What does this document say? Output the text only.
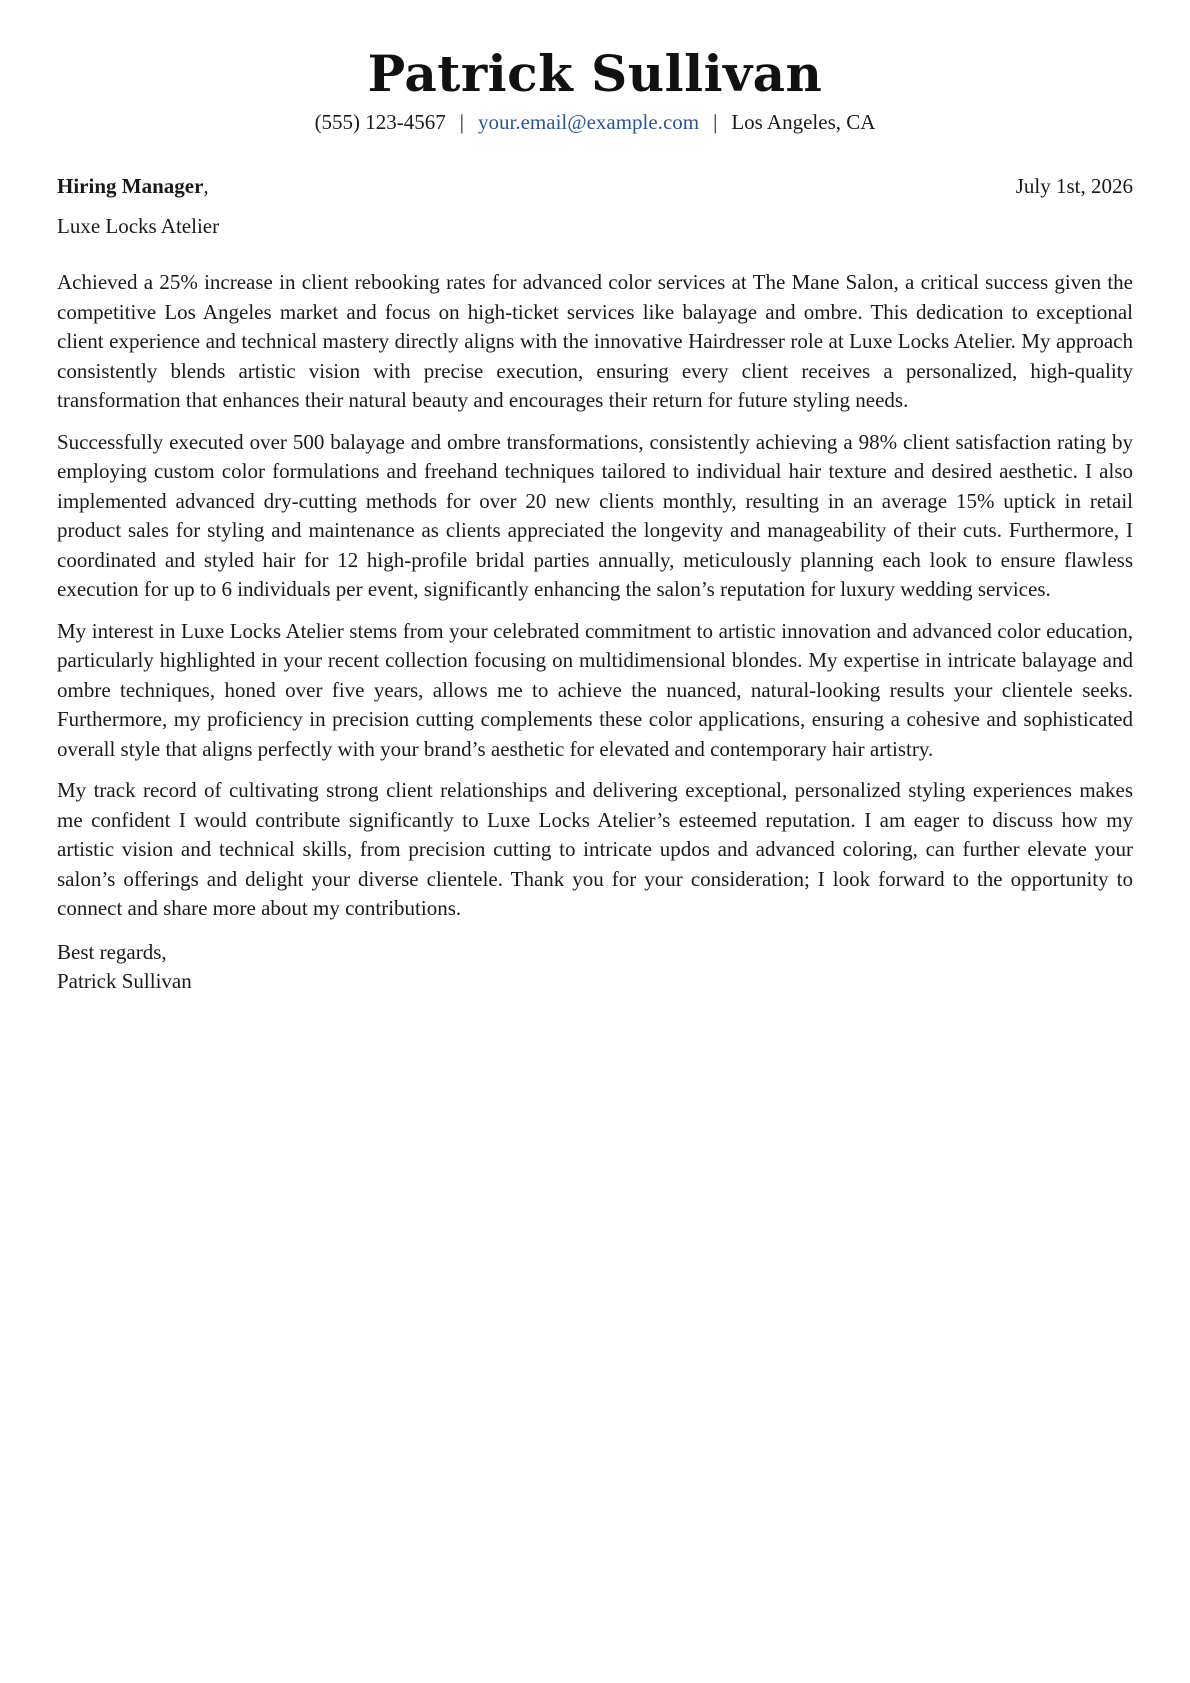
Patrick Sullivan
(555) 123-4567 | your.email@example.com | Los Angeles, CA
Hiring Manager,	July 1st, 2026
Luxe Locks Atelier

Achieved a 25% increase in client rebooking rates for advanced color services at The Mane Salon, a critical success given the competitive Los Angeles market and focus on high-ticket services like balayage and ombre. This dedication to exceptional client experience and technical mastery directly aligns with the innovative Hairdresser role at Luxe Locks Atelier. My approach consistently blends artistic vision with precise execution, ensuring every client receives a personalized, high-quality transformation that enhances their natural beauty and encourages their return for future styling needs.

Successfully executed over 500 balayage and ombre transformations, consistently achieving a 98% client satisfaction rating by employing custom color formulations and freehand techniques tailored to individual hair texture and desired aesthetic. I also implemented advanced dry-cutting methods for over 20 new clients monthly, resulting in an average 15% uptick in retail product sales for styling and maintenance as clients appreciated the longevity and manageability of their cuts. Furthermore, I coordinated and styled hair for 12 high-profile bridal parties annually, meticulously planning each look to ensure flawless execution for up to 6 individuals per event, significantly enhancing the salon’s reputation for luxury wedding services.

My interest in Luxe Locks Atelier stems from your celebrated commitment to artistic innovation and advanced color education, particularly highlighted in your recent collection focusing on multidimensional blondes. My expertise in intricate balayage and ombre techniques, honed over five years, allows me to achieve the nuanced, natural-looking results your clientele seeks. Furthermore, my proficiency in precision cutting complements these color applications, ensuring a cohesive and sophisticated overall style that aligns perfectly with your brand’s aesthetic for elevated and contemporary hair artistry.

My track record of cultivating strong client relationships and delivering exceptional, personalized styling experiences makes me confident I would contribute significantly to Luxe Locks Atelier’s esteemed reputation. I am eager to discuss how my artistic vision and technical skills, from precision cutting to intricate updos and advanced coloring, can further elevate your salon’s offerings and delight your diverse clientele. Thank you for your consideration; I look forward to the opportunity to connect and share more about my contributions.

Best regards,
Patrick Sullivan
